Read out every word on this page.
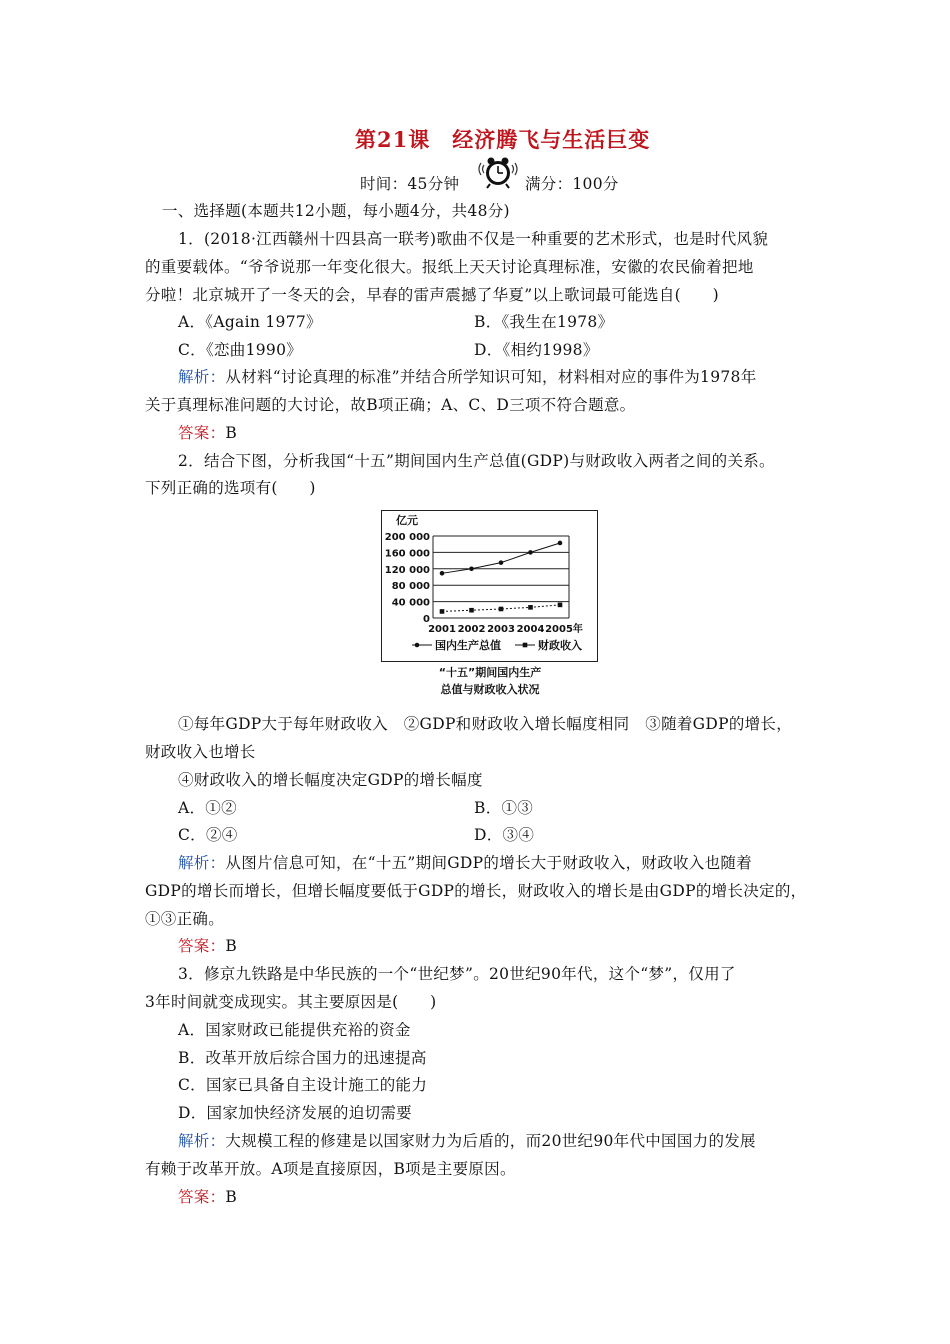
第21课　经济腾飞与生活巨变
时间：45分钟	满分：100分
一、选择题(本题共12小题，每小题4分，共48分)
1．(2018·江西赣州十四县高一联考)歌曲不仅是一种重要的艺术形式，也是时代风貌
的重要载体。“爷爷说那一年变化很大。报纸上天天讨论真理标准，安徽的农民偷着把地
分啦！北京城开了一冬天的会，早春的雷声震撼了华夏”以上歌词最可能选自(　　)
A．《Again 1977》	B．《我生在1978》
C．《恋曲1990》	D．《相约1998》
解析：从材料“讨论真理的标准”并结合所学知识可知，材料相对应的事件为1978年
关于真理标准问题的大讨论，故B项正确；A、C、D三项不符合题意。
答案：B
2．结合下图，分析我国“十五”期间国内生产总值(GDP)与财政收入两者之间的关系。
下列正确的选项有(　　)
亿元
200 000
160 000
120 000
80 000
40 000
0
2001 2002 2003 2004 2005年
国内生产总值	财政收入
“十五”期间国内生产
总值与财政收入状况
①每年GDP大于每年财政收入　②GDP和财政收入增长幅度相同　③随着GDP的增长，
财政收入也增长
④财政收入的增长幅度决定GDP的增长幅度
A．①②	B．①③
C．②④	D．③④
解析：从图片信息可知，在“十五”期间GDP的增长大于财政收入，财政收入也随着
GDP的增长而增长，但增长幅度要低于GDP的增长，财政收入的增长是由GDP的增长决定的，
①③正确。
答案：B
3．修京九铁路是中华民族的一个“世纪梦”。20世纪90年代，这个“梦”，仅用了
3年时间就变成现实。其主要原因是(　　)
A．国家财政已能提供充裕的资金
B．改革开放后综合国力的迅速提高
C．国家已具备自主设计施工的能力
D．国家加快经济发展的迫切需要
解析：大规模工程的修建是以国家财力为后盾的，而20世纪90年代中国国力的发展
有赖于改革开放。A项是直接原因，B项是主要原因。
答案：B
